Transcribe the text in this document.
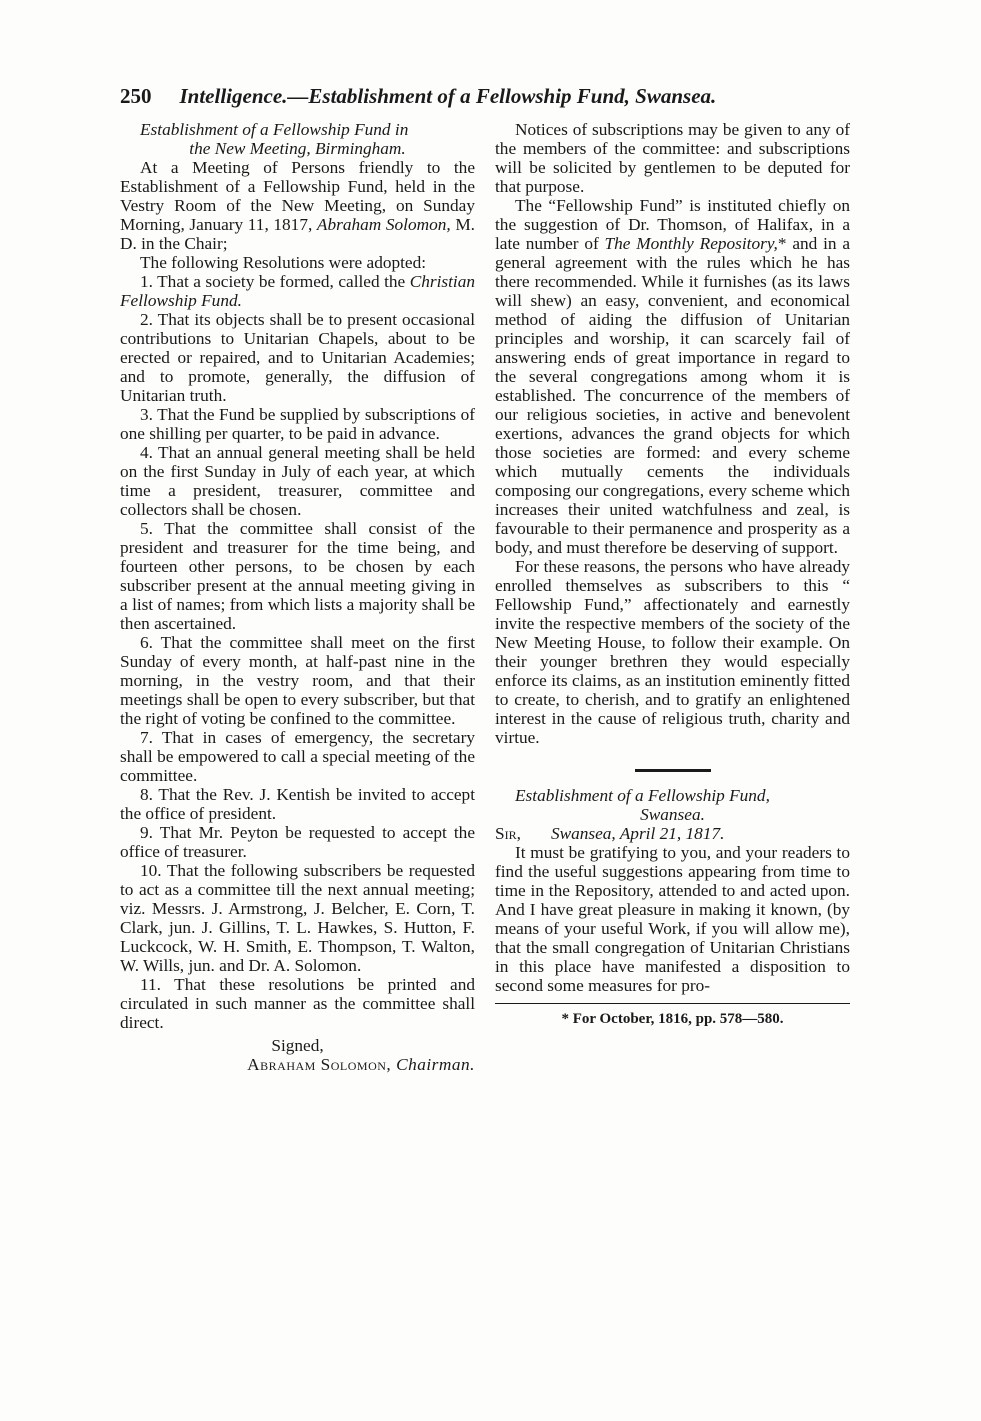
250 Intelligence.—Establishment of a Fellowship Fund, Swansea.

Establishment of a Fellowship Fund in
the New Meeting, Birmingham.

At a Meeting of Persons friendly to the Establishment of a Fellowship Fund, held in the Vestry Room of the New Meeting, on Sunday Morning, January 11, 1817, Abraham Solomon, M. D. in the Chair;

The following Resolutions were adopted:

1. That a society be formed, called the Christian Fellowship Fund.

2. That its objects shall be to present occasional contributions to Unitarian Chapels, about to be erected or repaired, and to Unitarian Academies; and to promote, generally, the diffusion of Unitarian truth.

3. That the Fund be supplied by subscriptions of one shilling per quarter, to be paid in advance.

4. That an annual general meeting shall be held on the first Sunday in July of each year, at which time a president, treasurer, committee and collectors shall be chosen.

5. That the committee shall consist of the president and treasurer for the time being, and fourteen other persons, to be chosen by each subscriber present at the annual meeting giving in a list of names; from which lists a majority shall be then ascertained.

6. That the committee shall meet on the first Sunday of every month, at half-past nine in the morning, in the vestry room, and that their meetings shall be open to every subscriber, but that the right of voting be confined to the committee.

7. That in cases of emergency, the secretary shall be empowered to call a special meeting of the committee.

8. That the Rev. J. Kentish be invited to accept the office of president.

9. That Mr. Peyton be requested to accept the office of treasurer.

10. That the following subscribers be requested to act as a committee till the next annual meeting; viz. Messrs. J. Armstrong, J. Belcher, E. Corn, T. Clark, jun. J. Gillins, T. L. Hawkes, S. Hutton, F. Luckcock, W. H. Smith, E. Thompson, T. Walton, W. Wills, jun. and Dr. A. Solomon.

11. That these resolutions be printed and circulated in such manner as the committee shall direct.

Signed,

Abraham Solomon, Chairman.

Notices of subscriptions may be given to any of the members of the committee: and subscriptions will be solicited by gentlemen to be deputed for that purpose.

The “Fellowship Fund” is instituted chiefly on the suggestion of Dr. Thomson, of Halifax, in a late number of The Monthly Repository,* and in a general agreement with the rules which he has there recommended. While it furnishes (as its laws will shew) an easy, convenient, and economical method of aiding the diffusion of Unitarian principles and worship, it can scarcely fail of answering ends of great importance in regard to the several congregations among whom it is established. The concurrence of the members of our religious societies, in active and benevolent exertions, advances the grand objects for which those societies are formed: and every scheme which mutually cements the individuals composing our congregations, every scheme which increases their united watchfulness and zeal, is favourable to their permanence and prosperity as a body, and must therefore be deserving of support.

For these reasons, the persons who have already enrolled themselves as subscribers to this “ Fellowship Fund,” affectionately and earnestly invite the respective members of the society of the New Meeting House, to follow their example. On their younger brethren they would especially enforce its claims, as an institution eminently fitted to create, to cherish, and to gratify an enlightened interest in the cause of religious truth, charity and virtue.

Establishment of a Fellowship Fund,
Swansea.

Sir, Swansea, April 21, 1817.

It must be gratifying to you, and your readers to find the useful suggestions appearing from time to time in the Repository, attended to and acted upon. And I have great pleasure in making it known, (by means of your useful Work, if you will allow me), that the small congregation of Unitarian Christians in this place have manifested a disposition to second some measures for pro-

* For October, 1816, pp. 578—580.
